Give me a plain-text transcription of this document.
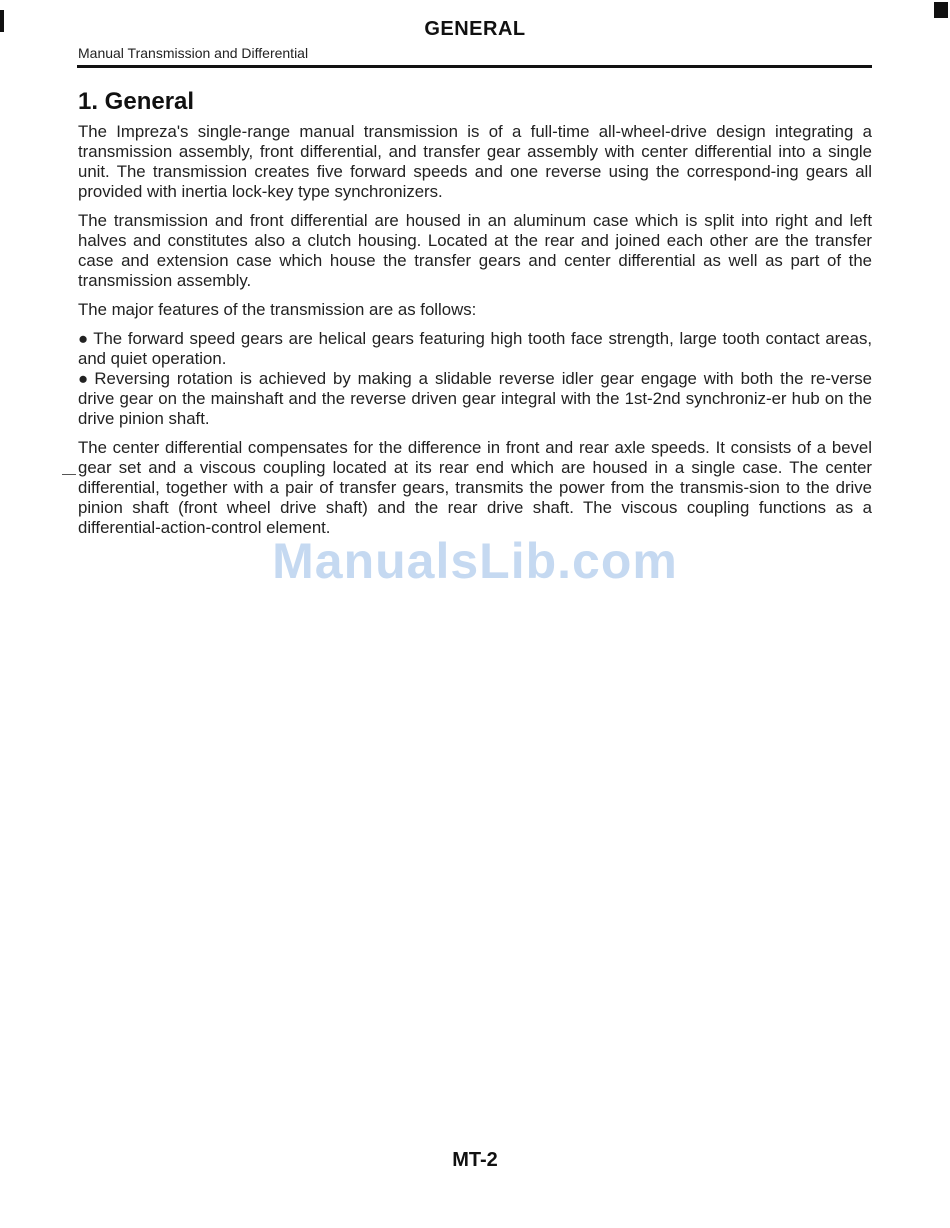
GENERAL
Manual Transmission and Differential
1. General

The Impreza's single-range manual transmission is of a full-time all-wheel-drive design integrating a transmission assembly, front differential, and transfer gear assembly with center differential into a single unit. The transmission creates five forward speeds and one reverse using the correspond-ing gears all provided with inertia lock-key type synchronizers.

The transmission and front differential are housed in an aluminum case which is split into right and left halves and constitutes also a clutch housing. Located at the rear and joined each other are the transfer case and extension case which house the transfer gears and center differential as well as part of the transmission assembly.

The major features of the transmission are as follows:

● The forward speed gears are helical gears featuring high tooth face strength, large tooth contact areas, and quiet operation.
● Reversing rotation is achieved by making a slidable reverse idler gear engage with both the re-verse drive gear on the mainshaft and the reverse driven gear integral with the 1st-2nd synchroniz-er hub on the drive pinion shaft.

The center differential compensates for the difference in front and rear axle speeds. It consists of a bevel gear set and a viscous coupling located at its rear end which are housed in a single case. The center differential, together with a pair of transfer gears, transmits the power from the transmis-sion to the drive pinion shaft (front wheel drive shaft) and the rear drive shaft. The viscous coupling functions as a differential-action-control element.

ManualsLib.com
MT-2
